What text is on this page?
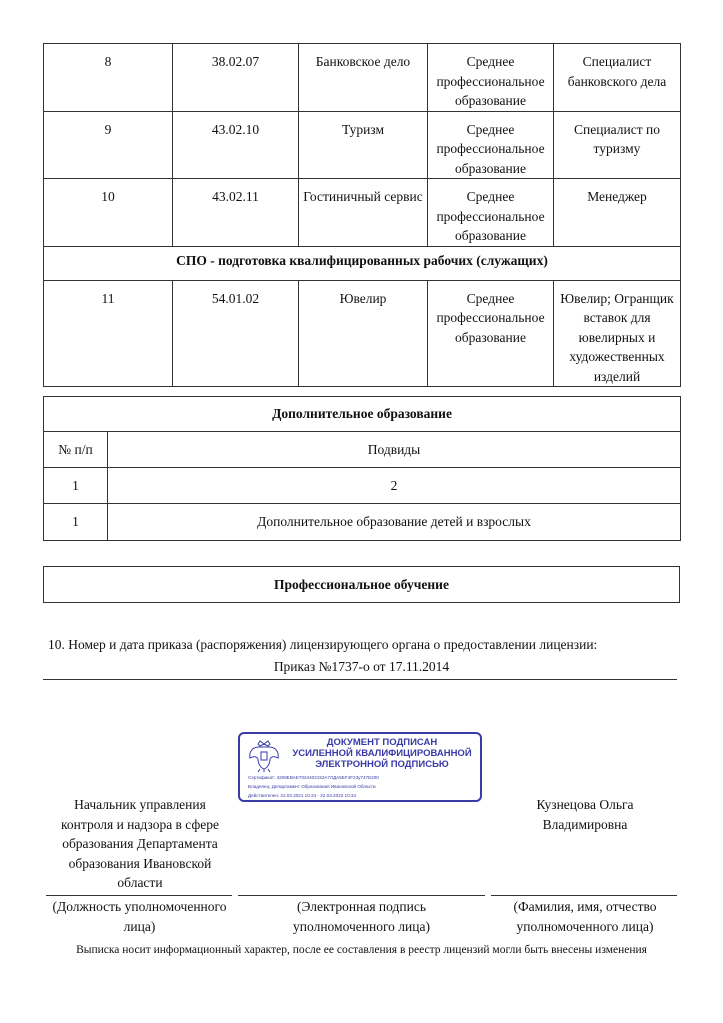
8	38.02.07	Банковское дело	Среднее профессиональное образование	Специалист банковского дела
9	43.02.10	Туризм	Среднее профессиональное образование	Специалист по туризму
10	43.02.11	Гостиничный сервис	Среднее профессиональное образование	Менеджер
СПО - подготовка квалифицированных рабочих (служащих)				
11	54.01.02	Ювелир	Среднее профессиональное образование	Ювелир; Огранщик вставок для ювелирных и художественных изделий
Дополнительное образование	
№ п/п	Подвиды
1	2
1	Дополнительное образование детей и взрослых
Профессиональное обучение
10. Номер и дата приказа (распоряжения) лицензирующего органа о предоставлении лицензии:
Приказ №1737-о от 17.11.2014
ДОКУМЕНТ ПОДПИСАН
УСИЛЕННОЙ КВАЛИФИЦИРОВАННОЙ
ЭЛЕКТРОННОЙ ПОДПИСЬЮ
Сертификат: 4208ЕВАЕ7024402153А7ЛДА5ЕF4F23у747Е200
Владелец: Департамент Образования Ивановской Области
Действителен: 22.03.2021 10:24 - 22.03.2022 10:34
Начальник управления контроля и надзора в сфере образования Департамента образования Ивановской области
Кузнецова Ольга Владимировна
(Должность уполномоченного лица)
(Электронная подпись уполномоченного лица)
(Фамилия, имя, отчество уполномоченного лица)
Выписка носит информационный характер, после ее составления в реестр лицензий могли быть внесены изменения
